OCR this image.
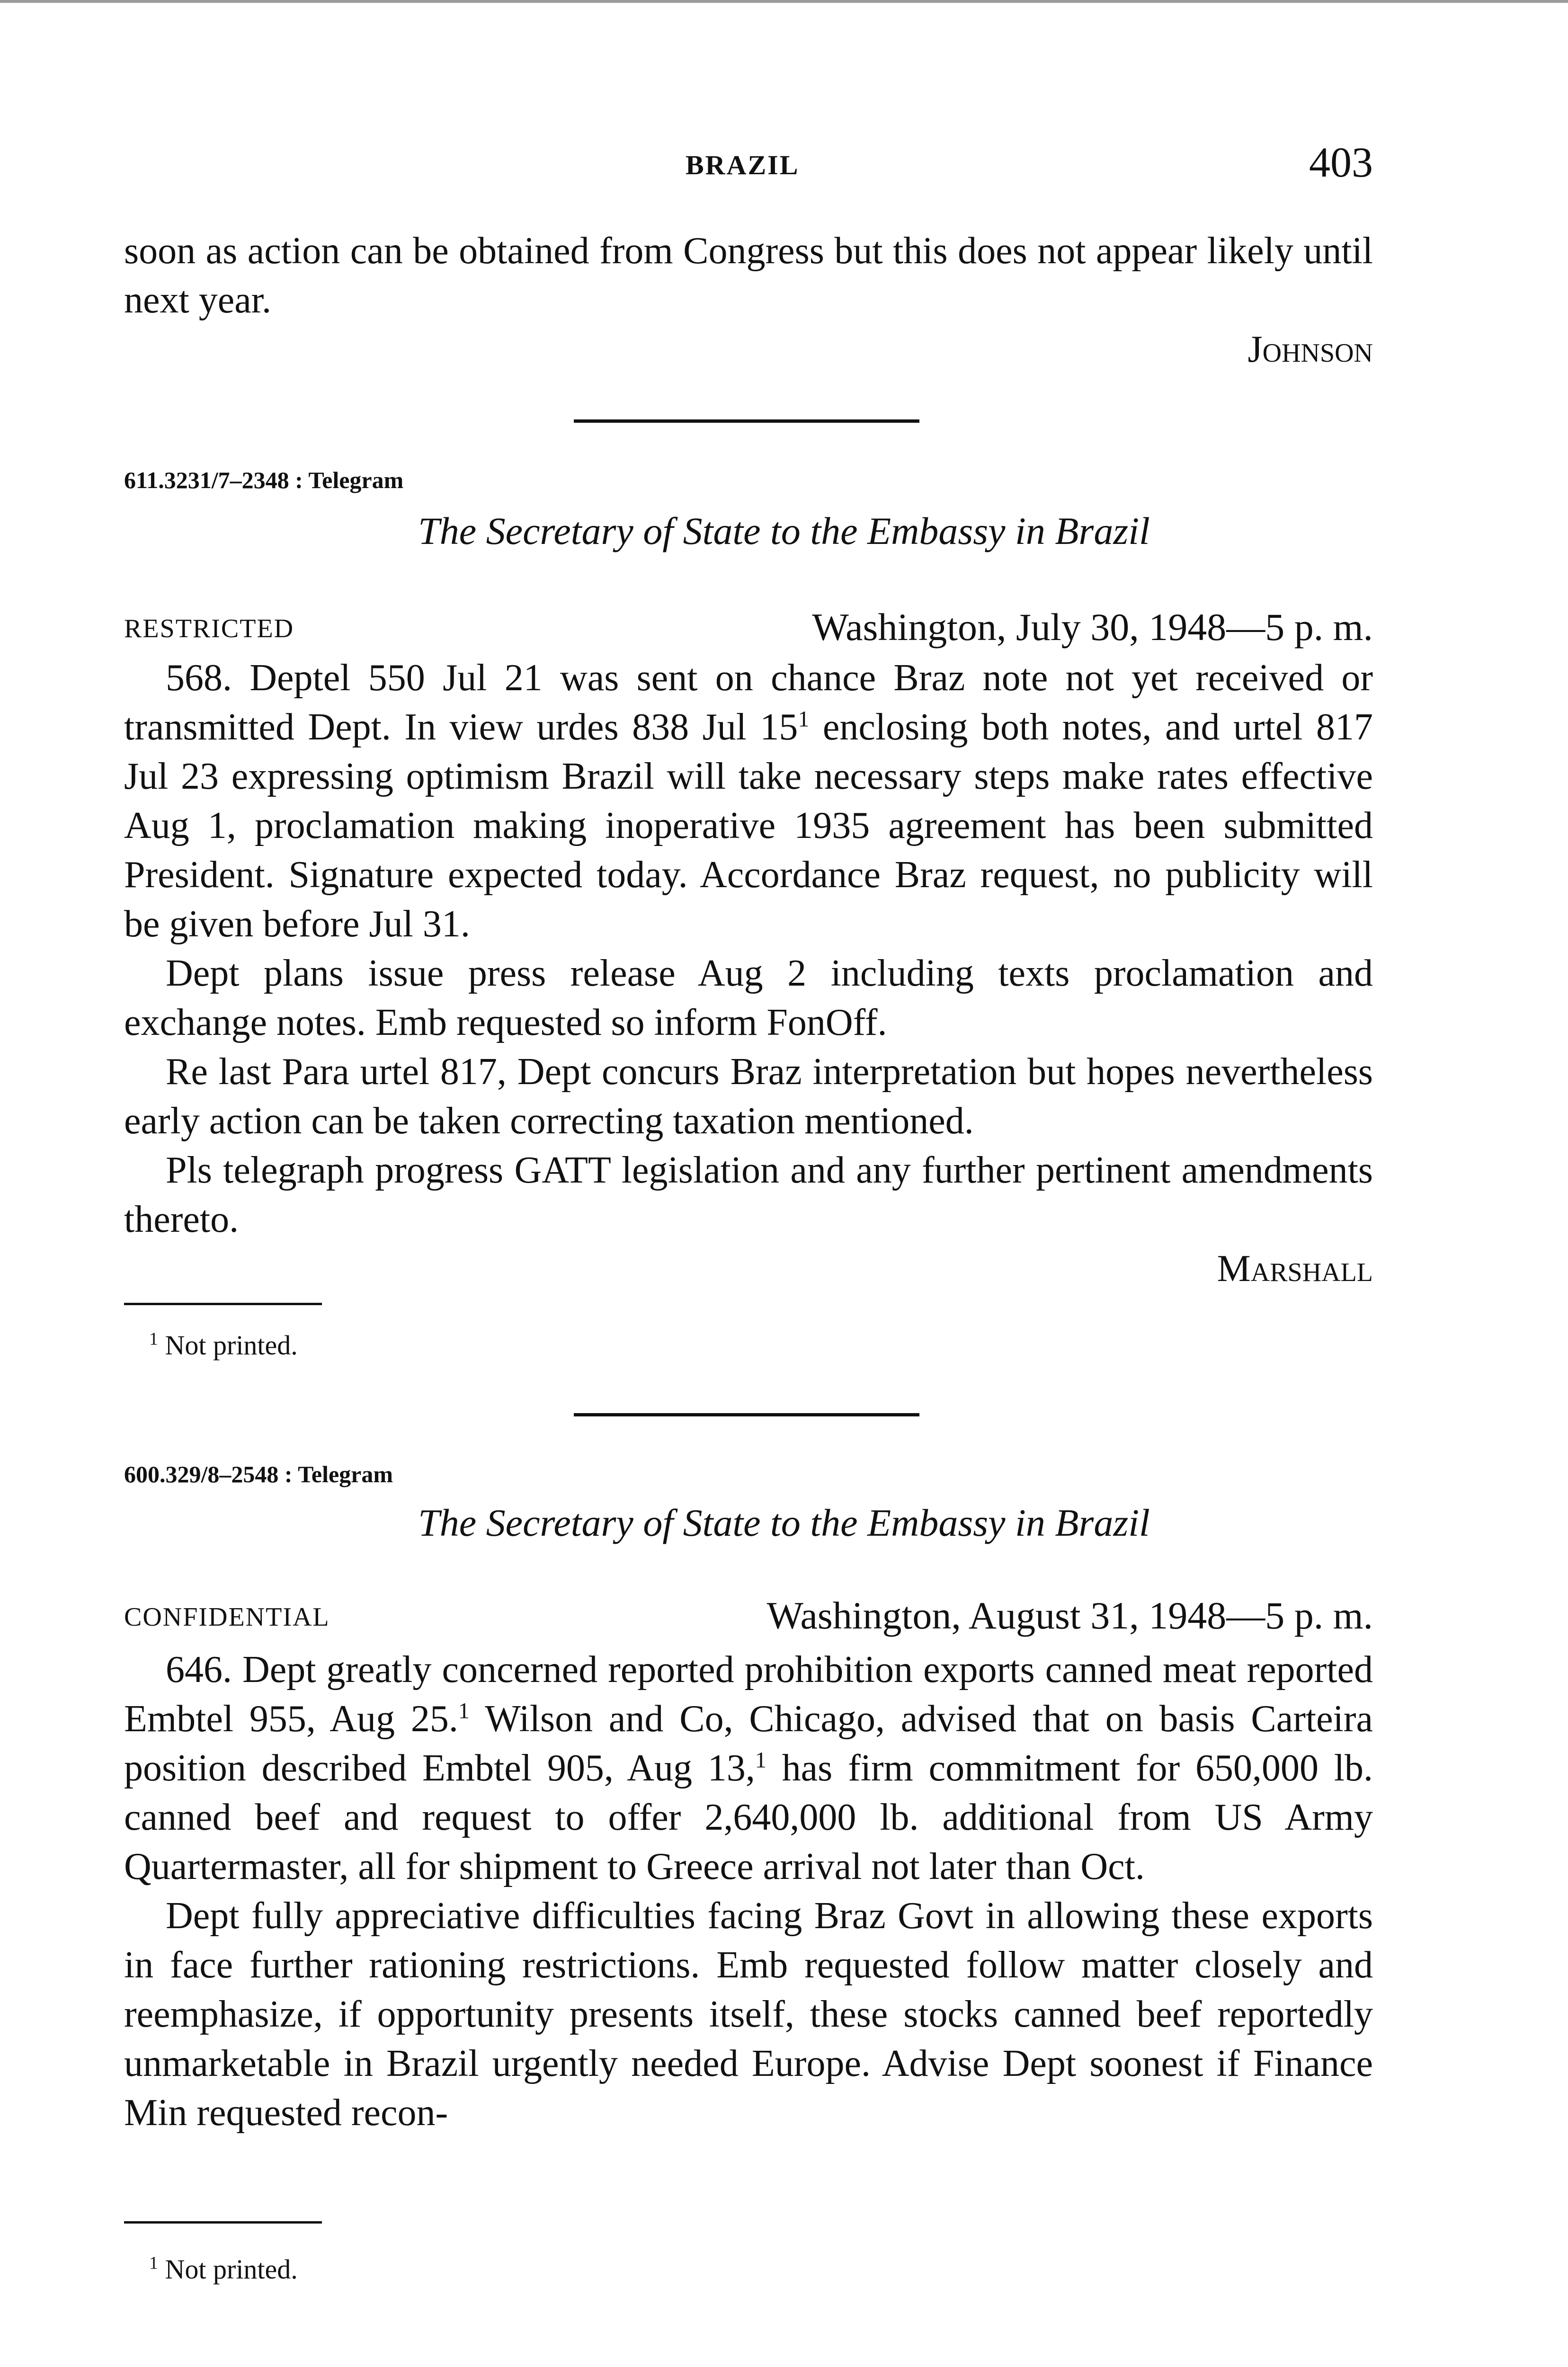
BRAZIL	403

soon as action can be obtained from Congress but this does not appear likely until next year.

Johnson
611.3231/7–2348 : Telegram
The Secretary of State to the Embassy in Brazil
RESTRICTED	Washington, July 30, 1948—5 p. m.

568. Deptel 550 Jul 21 was sent on chance Braz note not yet received or transmitted Dept. In view urdes 838 Jul $15^1$ enclosing both notes, and urtel 817 Jul 23 expressing optimism Brazil will take necessary steps make rates effective Aug 1, proclamation making inoperative 1935 agreement has been submitted President. Signature expected today. Accordance Braz request, no publicity will be given before Jul 31.

Dept plans issue press release Aug 2 including texts proclamation and exchange notes. Emb requested so inform FonOff.

Re last Para urtel 817, Dept concurs Braz interpretation but hopes nevertheless early action can be taken correcting taxation mentioned.

Pls telegraph progress GATT legislation and any further pertinent amendments thereto.

Marshall
$^1$ Not printed.
600.329/8–2548 : Telegram
The Secretary of State to the Embassy in Brazil
CONFIDENTIAL	Washington, August 31, 1948—5 p. m.

646. Dept greatly concerned reported prohibition exports canned meat reported Embtel 955, Aug 25.$^1$ Wilson and Co, Chicago, advised that on basis Carteira position described Embtel 905, Aug 13,$^1$ has firm commitment for 650,000 lb. canned beef and request to offer 2,640,000 lb. additional from US Army Quartermaster, all for shipment to Greece arrival not later than Oct.

Dept fully appreciative difficulties facing Braz Govt in allowing these exports in face further rationing restrictions. Emb requested follow matter closely and reemphasize, if opportunity presents itself, these stocks canned beef reportedly unmarketable in Brazil urgently needed Europe. Advise Dept soonest if Finance Min requested recon-

$^1$ Not printed.
